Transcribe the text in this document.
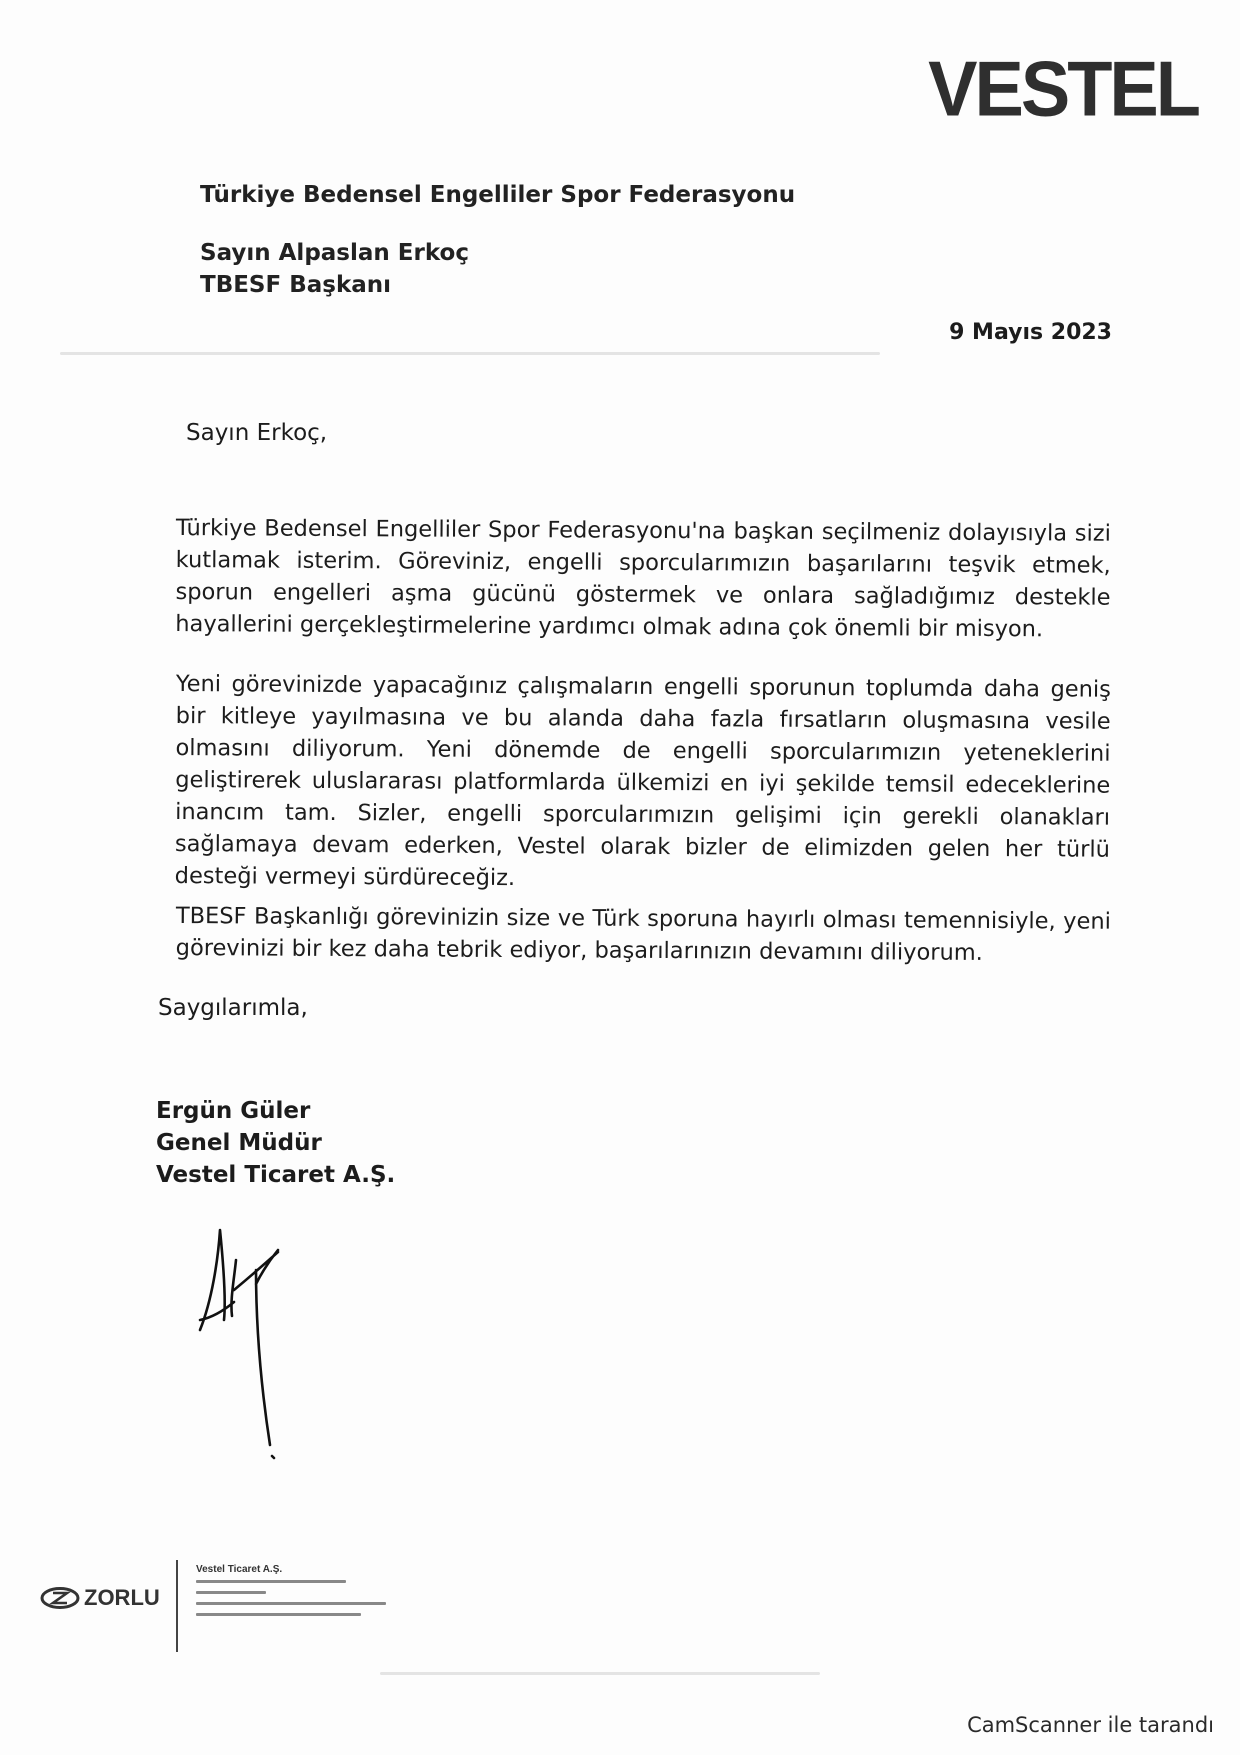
VESTEL
Türkiye Bedensel Engelliler Spor Federasyonu
Sayın Alpaslan Erkoç
TBESF Başkanı
9 Mayıs 2023
Sayın Erkoç,
Türkiye Bedensel Engelliler Spor Federasyonu'na başkan seçilmeniz dolayısıyla sizi kutlamak isterim. Göreviniz, engelli sporcularımızın başarılarını teşvik etmek, sporun engelleri aşma gücünü göstermek ve onlara sağladığımız destekle hayallerini gerçekleştirmelerine yardımcı olmak adına çok önemli bir misyon.
Yeni görevinizde yapacağınız çalışmaların engelli sporunun toplumda daha geniş bir kitleye yayılmasına ve bu alanda daha fazla fırsatların oluşmasına vesile olmasını diliyorum. Yeni dönemde de engelli sporcularımızın yeteneklerini geliştirerek uluslararası platformlarda ülkemizi en iyi şekilde temsil edeceklerine inancım tam. Sizler, engelli sporcularımızın gelişimi için gerekli olanakları sağlamaya devam ederken, Vestel olarak bizler de elimizden gelen her türlü desteği vermeyi sürdüreceğiz.
TBESF Başkanlığı görevinizin size ve Türk sporuna hayırlı olması temennisiyle, yeni görevinizi bir kez daha tebrik ediyor, başarılarınızın devamını diliyorum.
Saygılarımla,
Ergün Güler
Genel Müdür
Vestel Ticaret A.Ş.
ZORLU
Vestel Ticaret A.Ş.
CamScanner ile tarandı
